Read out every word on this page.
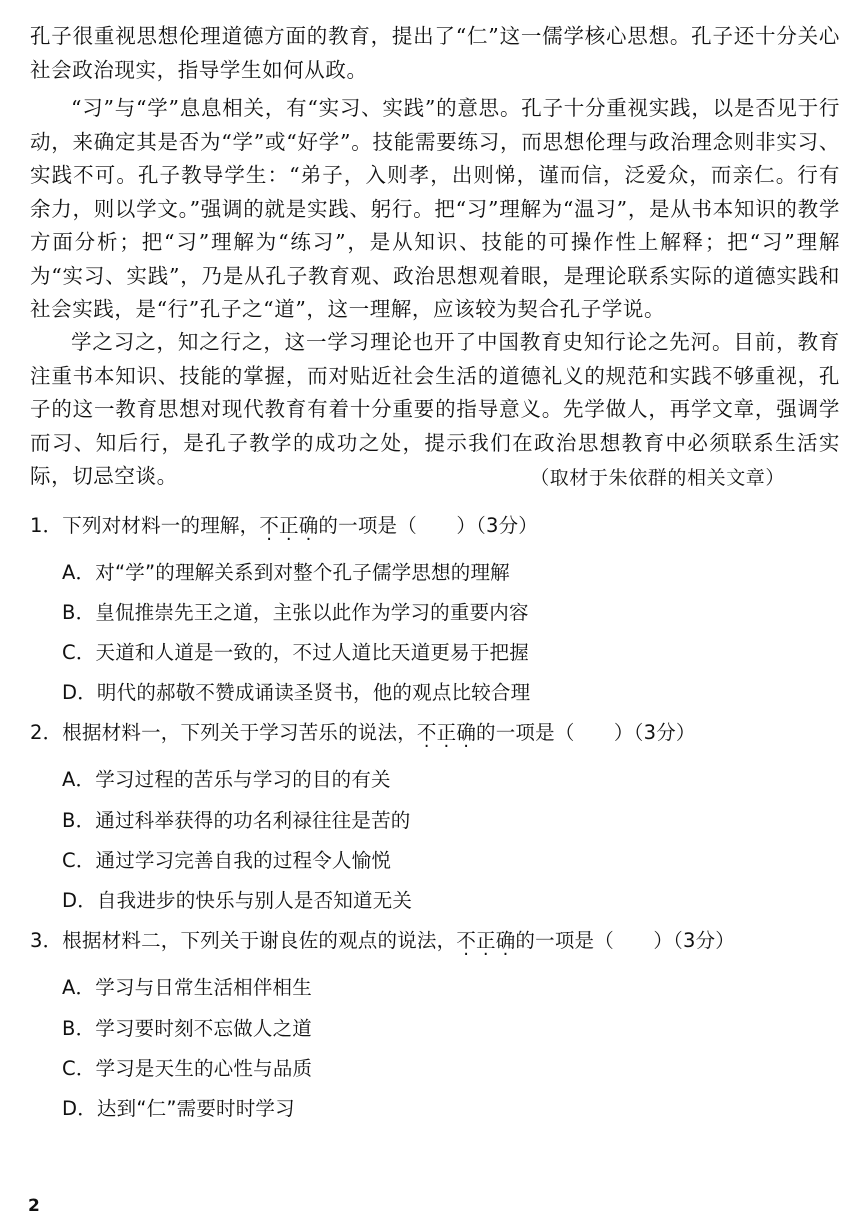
孔子很重视思想伦理道德方面的教育，提出了“仁”这一儒学核心思想。孔子还十分关心社会政治现实，指导学生如何从政。

“习”与“学”息息相关，有“实习、实践”的意思。孔子十分重视实践，以是否见于行动，来确定其是否为“学”或“好学”。技能需要练习，而思想伦理与政治理念则非实习、实践不可。孔子教导学生：“弟子，入则孝，出则悌，谨而信，泛爱众，而亲仁。行有余力，则以学文。”强调的就是实践、躬行。把“习”理解为“温习”，是从书本知识的教学方面分析；把“习”理解为“练习”，是从知识、技能的可操作性上解释；把“习”理解为“实习、实践”，乃是从孔子教育观、政治思想观着眼，是理论联系实际的道德实践和社会实践，是“行”孔子之“道”，这一理解，应该较为契合孔子学说。

学之习之，知之行之，这一学习理论也开了中国教育史知行论之先河。目前，教育注重书本知识、技能的掌握，而对贴近社会生活的道德礼义的规范和实践不够重视，孔子的这一教育思想对现代教育有着十分重要的指导意义。先学做人，再学文章，强调学而习、知后行，是孔子教学的成功之处，提示我们在政治思想教育中必须联系生活实际，切忌空谈。	（取材于朱依群的相关文章）

1．下列对材料一的理解，不正确的一项是（　　）（3分）

A．对“学”的理解关系到对整个孔子儒学思想的理解

B．皇侃推崇先王之道，主张以此作为学习的重要内容

C．天道和人道是一致的，不过人道比天道更易于把握

D．明代的郝敬不赞成诵读圣贤书，他的观点比较合理

2．根据材料一，下列关于学习苦乐的说法，不正确的一项是（　　）（3分）

A．学习过程的苦乐与学习的目的有关

B．通过科举获得的功名利禄往往是苦的

C．通过学习完善自我的过程令人愉悦

D．自我进步的快乐与别人是否知道无关

3．根据材料二，下列关于谢良佐的观点的说法，不正确的一项是（　　）（3分）

A．学习与日常生活相伴相生

B．学习要时刻不忘做人之道

C．学习是天生的心性与品质

D．达到“仁”需要时时学习

2
